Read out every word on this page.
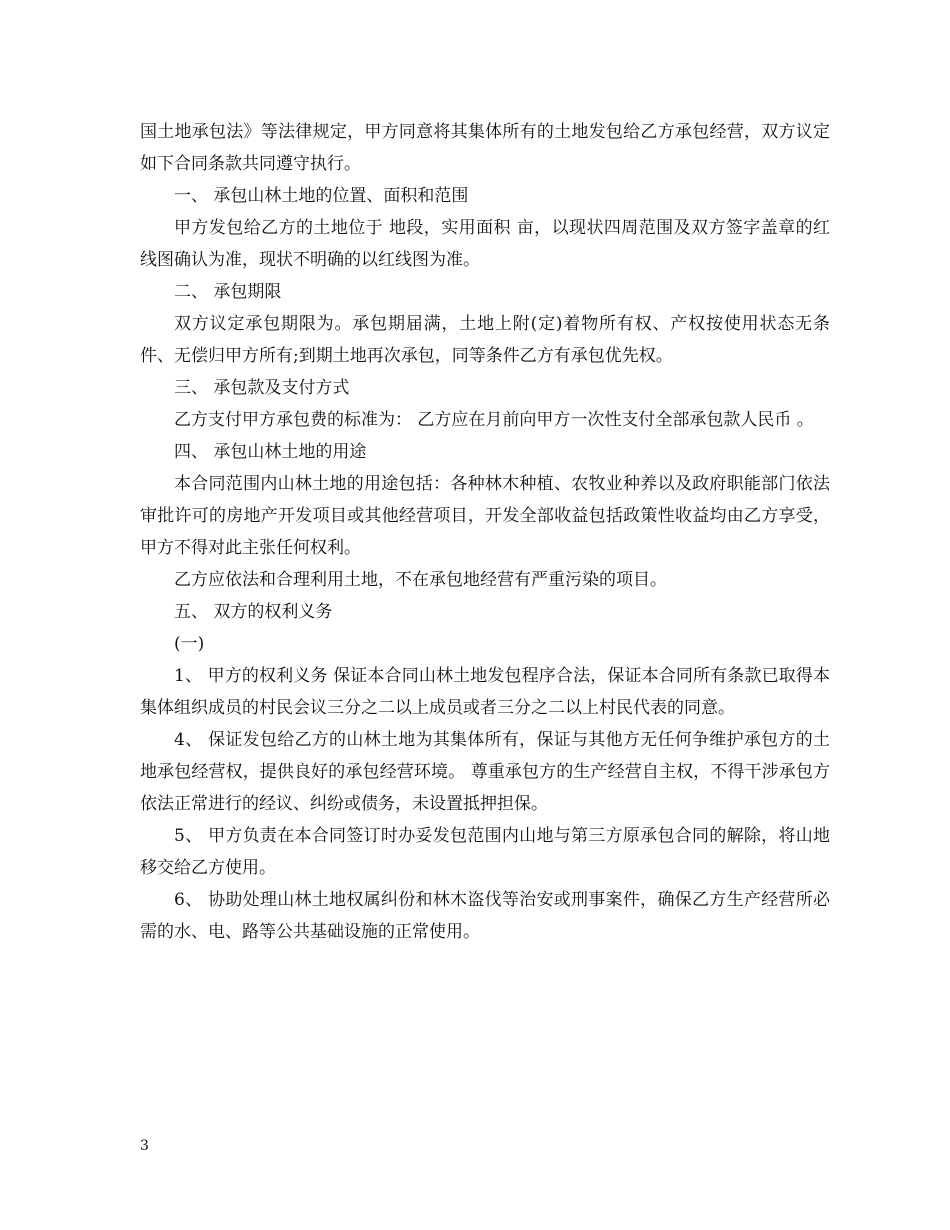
国土地承包法》等法律规定，甲方同意将其集体所有的土地发包给乙方承包经营，双方议定如下合同条款共同遵守执行。

一、 承包山林土地的位置、面积和范围

甲方发包给乙方的土地位于 地段，实用面积 亩，以现状四周范围及双方签字盖章的红线图确认为准，现状不明确的以红线图为准。

二、 承包期限

双方议定承包期限为。承包期届满，土地上附(定)着物所有权、产权按使用状态无条件、无偿归甲方所有;到期土地再次承包，同等条件乙方有承包优先权。

三、 承包款及支付方式

乙方支付甲方承包费的标准为： 乙方应在月前向甲方一次性支付全部承包款人民币 。

四、 承包山林土地的用途

本合同范围内山林土地的用途包括：各种林木种植、农牧业种养以及政府职能部门依法审批许可的房地产开发项目或其他经营项目，开发全部收益包括政策性收益均由乙方享受，甲方不得对此主张任何权利。

乙方应依法和合理利用土地，不在承包地经营有严重污染的项目。

五、 双方的权利义务

(一)

1、 甲方的权利义务 保证本合同山林土地发包程序合法，保证本合同所有条款已取得本集体组织成员的村民会议三分之二以上成员或者三分之二以上村民代表的同意。

4、 保证发包给乙方的山林土地为其集体所有，保证与其他方无任何争维护承包方的土地承包经营权，提供良好的承包经营环境。 尊重承包方的生产经营自主权，不得干涉承包方依法正常进行的经议、纠纷或债务，未设置抵押担保。

5、 甲方负责在本合同签订时办妥发包范围内山地与第三方原承包合同的解除，将山地移交给乙方使用。

6、 协助处理山林土地权属纠份和林木盗伐等治安或刑事案件，确保乙方生产经营所必需的水、电、路等公共基础设施的正常使用。

3
